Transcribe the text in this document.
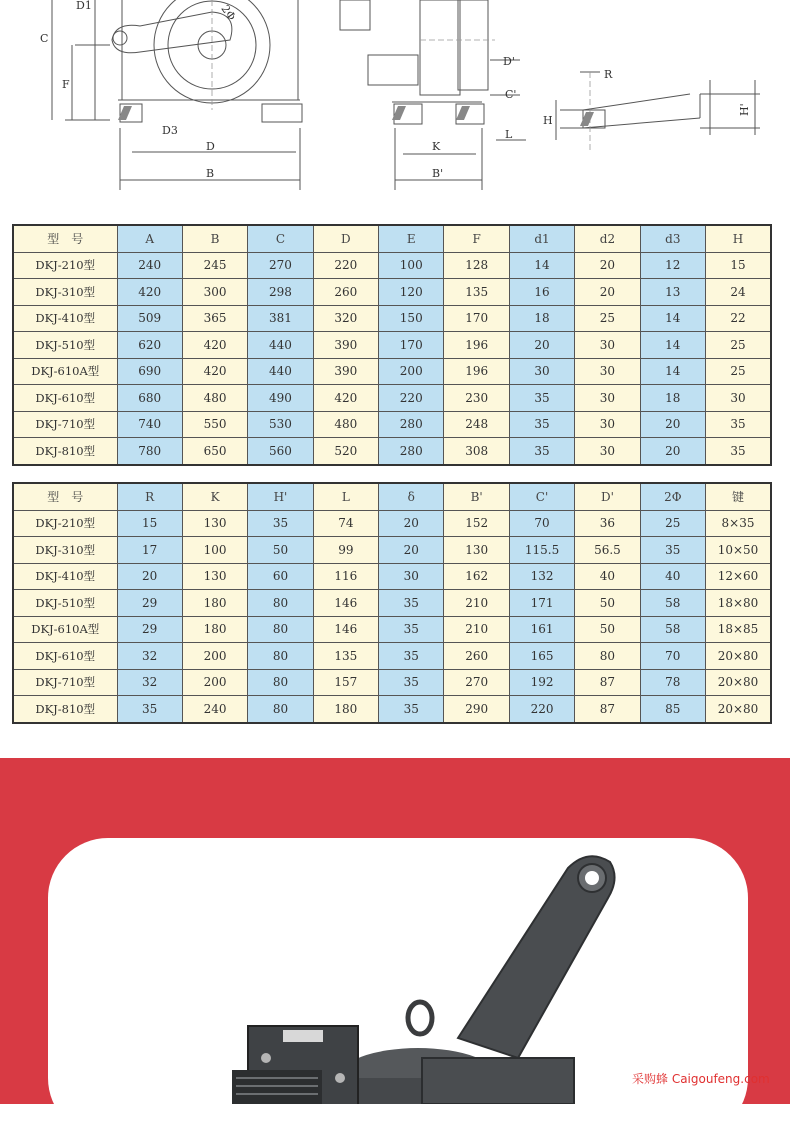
D1
C
F
2Φ
D3
D
B
D'
C'
L
K
B'
R
H
H'
型　号	A	B	C	D	E	F	d1	d2	d3	H
DKJ-210型	240	245	270	220	100	128	14	20	12	15
DKJ-310型	420	300	298	260	120	135	16	20	13	24
DKJ-410型	509	365	381	320	150	170	18	25	14	22
DKJ-510型	620	420	440	390	170	196	20	30	14	25
DKJ-610A型	690	420	440	390	200	196	30	30	14	25
DKJ-610型	680	480	490	420	220	230	35	30	18	30
DKJ-710型	740	550	530	480	280	248	35	30	20	35
DKJ-810型	780	650	560	520	280	308	35	30	20	35
型　号	R	K	H'	L	δ	B'	C'	D'	2Φ	键
DKJ-210型	15	130	35	74	20	152	70	36	25	8×35
DKJ-310型	17	100	50	99	20	130	115.5	56.5	35	10×50
DKJ-410型	20	130	60	116	30	162	132	40	40	12×60
DKJ-510型	29	180	80	146	35	210	171	50	58	18×80
DKJ-610A型	29	180	80	146	35	210	161	50	58	18×85
DKJ-610型	32	200	80	135	35	260	165	80	70	20×80
DKJ-710型	32	200	80	157	35	270	192	87	78	20×80
DKJ-810型	35	240	80	180	35	290	220	87	85	20×80
采购蜂 Caigoufeng.com
